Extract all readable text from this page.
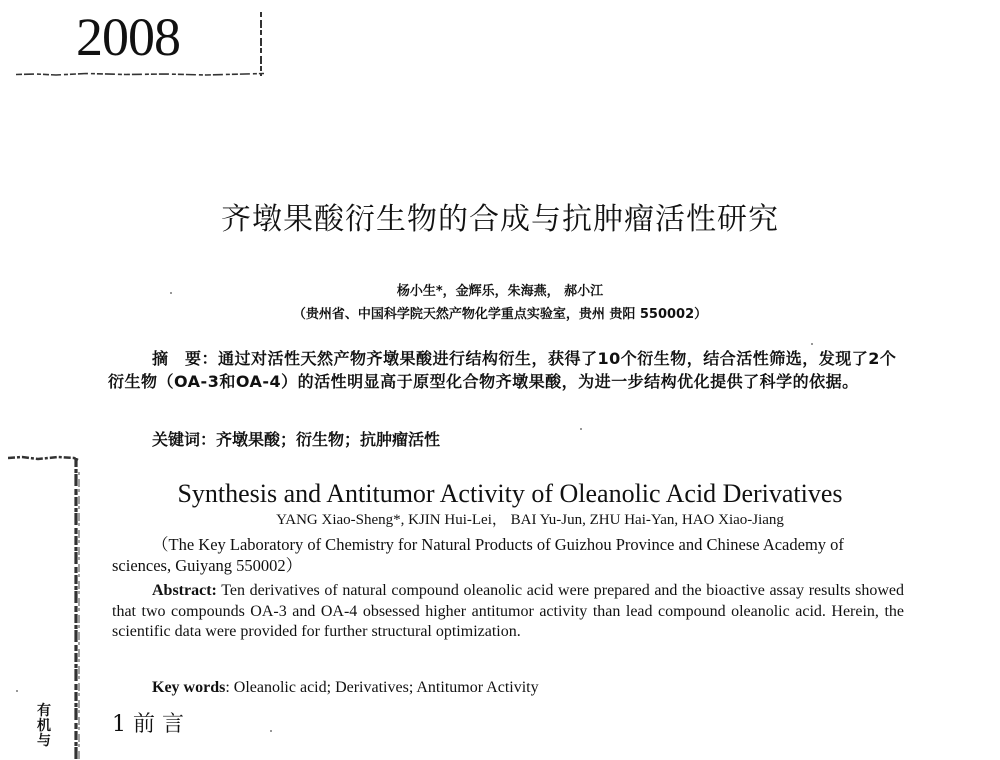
2008
齐墩果酸衍生物的合成与抗肿瘤活性研究
杨小生*，金辉乐，朱海燕， 郝小江
（贵州省、中国科学院天然产物化学重点实验室，贵州 贵阳 550002）
摘　要：通过对活性天然产物齐墩果酸进行结构衍生，获得了10个衍生物，结合活性筛选，发现了2个衍生物（OA-3和OA-4）的活性明显高于原型化合物齐墩果酸，为进一步结构优化提供了科学的依据。
关键词：齐墩果酸；衍生物；抗肿瘤活性
Synthesis and Antitumor Activity of Oleanolic Acid Derivatives
YANG Xiao-Sheng*, KJIN Hui-Lei， BAI Yu-Jun, ZHU Hai-Yan, HAO Xiao-Jiang
（The Key Laboratory of Chemistry for Natural Products of Guizhou Province and Chinese Academy of sciences, Guiyang 550002）
Abstract: Ten derivatives of natural compound oleanolic acid were prepared and the bioactive assay results showed that two compounds OA-3 and OA-4 obsessed higher antitumor activity than lead compound oleanolic acid. Herein, the scientific data were provided for further structural optimization.
Key words: Oleanolic acid; Derivatives; Antitumor Activity
1 前 言
有机与
